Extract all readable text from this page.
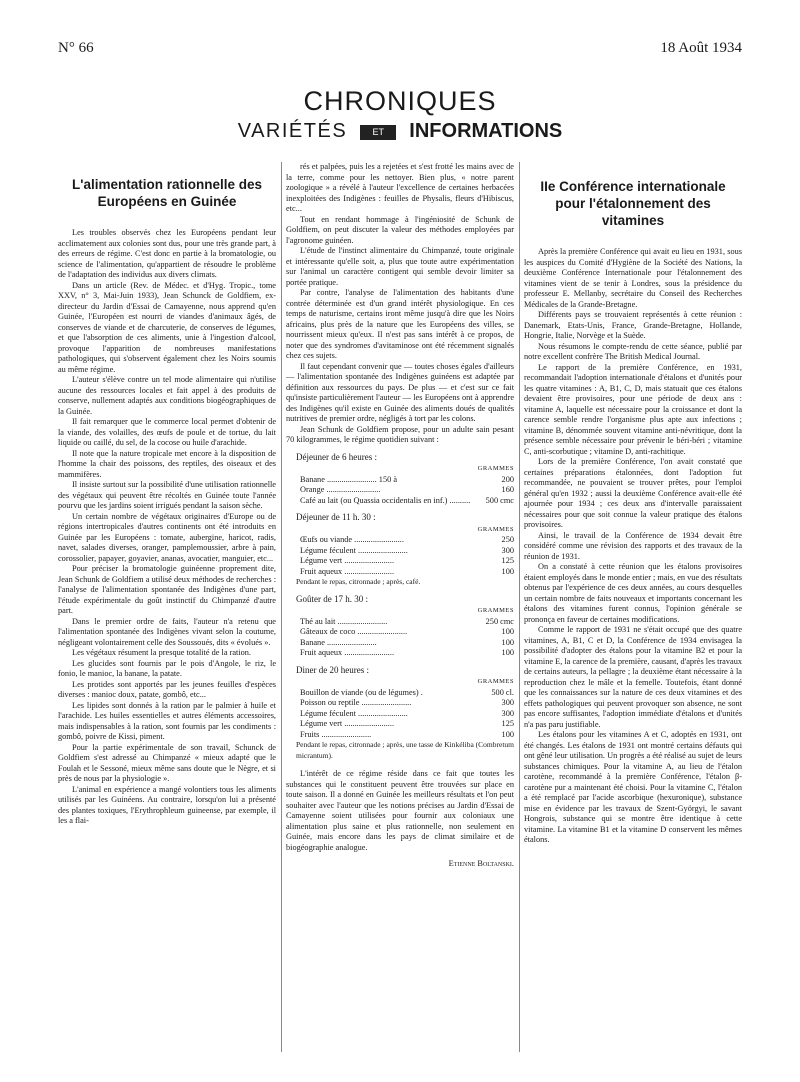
N° 66	18 Août 1934
CHRONIQUES
VARIÉTÉS	ET INFORMATIONS
L'alimentation rationnelle des Européens en Guinée

Les troubles observés chez les Européens pendant leur acclimatement aux colonies sont dus, pour une très grande part, à des erreurs de régime. C'est donc en partie à la bromatologie, ou science de l'alimentation, qu'appartient de résoudre le problème de l'adaptation des individus aux divers climats.

Dans un article (Rev. de Médec. et d'Hyg. Tropic., tome XXV, n° 3, Mai-Juin 1933), Jean Schunck de Goldfiem, ex-directeur du Jardin d'Essai de Camayenne, nous apprend qu'en Guinée, l'Européen est nourri de viandes d'animaux âgés, de conserves de viande et de charcuterie, de conserves de légumes, et que l'absorption de ces aliments, unie à l'ingestion d'alcool, provoque l'apparition de nombreuses manifestations pathologiques, qui s'observent également chez les Noirs soumis au même régime.

L'auteur s'élève contre un tel mode alimentaire qui n'utilise aucune des ressources locales et fait appel à des produits de conserve, nullement adaptés aux conditions biogéographiques de la Guinée.

Il fait remarquer que le commerce local permet d'obtenir de la viande, des volailles, des œufs de poule et de tortue, du lait liquide ou caillé, du sel, de la cocose ou huile d'arachide.

Il note que la nature tropicale met encore à la disposition de l'homme la chair des poissons, des reptiles, des oiseaux et des mammifères.

Il insiste surtout sur la possibilité d'une utilisation rationnelle des végétaux qui peuvent être récoltés en Guinée toute l'année pourvu que les jardins soient irrigués pendant la saison sèche.

Un certain nombre de végétaux originaires d'Europe ou de régions intertropicales d'autres continents ont été introduits en Guinée par les Européens : tomate, aubergine, haricot, radis, navet, salades diverses, oranger, pamplemoussier, arbre à pain, corossolier, papayer, goyavier, ananas, avocatier, manguier, etc...

Pour préciser la bromatologie guinéenne proprement dite, Jean Schunk de Goldfiem a utilisé deux méthodes de recherches : l'analyse de l'alimentation spontanée des Indigènes d'une part, l'étude expérimentale du goût instinctif du Chimpanzé d'autre part.

Dans le premier ordre de faits, l'auteur n'a retenu que l'alimentation spontanée des Indigènes vivant selon la coutume, négligeant volontairement celle des Soussoués, dits « évolués ».

Les végétaux résument la presque totalité de la ration.

Les glucides sont fournis par le pois d'Angole, le riz, le fonio, le manioc, la banane, la patate.

Les protides sont apportés par les jeunes feuilles d'espèces diverses : manioc doux, patate, gombô, etc...

Les lipides sont donnés à la ration par le palmier à huile et l'arachide. Les huiles essentielles et autres éléments accessoires, mais indispensables à la ration, sont fournis par les condiments : gombô, poivre de Kissi, piment.

Pour la partie expérimentale de son travail, Schunck de Goldfiem s'est adressé au Chimpanzé « mieux adapté que le Foulah et le Sessoné, mieux même sans doute que le Nègre, et si près de nous par la physiologie ».

L'animal en expérience a mangé volontiers tous les aliments utilisés par les Guinéens. Au contraire, lorsqu'on lui a présenté des plantes toxiques, l'Erythrophleum guineense, par exemple, il les a flai-

rés et palpées, puis les a rejetées et s'est frotté les mains avec de la terre, comme pour les nettoyer. Bien plus, « notre parent zoologique » a révélé à l'auteur l'excellence de certaines herbacées inexploitées des Indigènes : feuilles de Physalis, fleurs d'Hibiscus, etc...

Tout en rendant hommage à l'ingéniosité de Schunk de Goldfiem, on peut discuter la valeur des méthodes employées par l'agronome guinéen.

L'étude de l'instinct alimentaire du Chimpanzé, toute originale et intéressante qu'elle soit, a, plus que toute autre expérimentation sur l'animal un caractère contigent qui semble devoir limiter sa portée pratique.

Par contre, l'analyse de l'alimentation des habitants d'une contrée déterminée est d'un grand intérêt physiologique. En ces temps de naturisme, certains iront même jusqu'à dire que les Noirs africains, plus près de la nature que les Européens des villes, se nourrissent mieux qu'eux. Il n'est pas sans intérêt à ce propos, de noter que des syndromes d'avitaminose ont été récemment signalés chez ces sujets.

Il faut cependant convenir que — toutes choses égales d'ailleurs — l'alimentation spontanée des Indigènes guinéens est adaptée par définition aux ressources du pays. De plus — et c'est sur ce fait qu'insiste particulièrement l'auteur — les Européens ont à apprendre des Indigènes qu'il existe en Guinée des aliments doués de qualités nutritives de premier ordre, négligés à tort par les colons.

Jean Schunk de Goldfiem propose, pour un adulte sain pesant 70 kilogrammes, le régime quotidien suivant :

Déjeuner de 6 heures :
GRAMMES
Banane ........................ 150 à	200
Orange ..........................	160
Café au lait (ou Quassia occidentalis en inf.) .......... 500 cmc
Déjeuner de 11 h. 30 :
GRAMMES
Œufs ou viande ........................	250
Légume féculent ........................	300
Légume vert ........................	125
Fruit aqueux ........................	100
Pendant le repas, citronnade ; après, café.
Goûter de 17 h. 30 :
GRAMMES
Thé au lait ........................	250 cmc
Gâteaux de coco ........................	100
Banane ........................	100
Fruit aqueux ........................	100
Diner de 20 heures :
GRAMMES
Bouillon de viande (ou de légumes) .	500 cl.
Poisson ou reptile ........................	300
Légume féculent ........................	300
Légume vert ........................	125
Fruits ........................	100
Pendant le repas, citronnade ; après, une tasse de Kinkéliba (Combretum micrantum).

L'intérêt de ce régime réside dans ce fait que toutes les substances qui le constituent peuvent être trouvées sur place en toute saison. Il a donné en Guinée les meilleurs résultats et l'on peut souhaiter avec l'auteur que les notions précises au Jardin d'Essai de Camayenne soient utilisées pour fournir aux coloniaux une alimentation plus saine et plus rationnelle, non seulement en Guinée, mais encore dans les pays de climat similaire et de biogéographie analogue.

Etienne Boltanski.

IIe Conférence internationale pour l'étalonnement des vitamines

Après la première Conférence qui avait eu lieu en 1931, sous les auspices du Comité d'Hygiène de la Société des Nations, la deuxième Conférence Internationale pour l'étalonnement des vitamines vient de se tenir à Londres, sous la présidence du professeur E. Mellanby, secrétaire du Conseil des Recherches Médicales de la Grande-Bretagne.

Différents pays se trouvaient représentés à cette réunion : Danemark, Etats-Unis, France, Grande-Bretagne, Hollande, Hongrie, Italie, Norvège et la Suède.

Nous résumons le compte-rendu de cette séance, publié par notre excellent confrère The British Medical Journal.

Le rapport de la première Conférence, en 1931, recommandait l'adoption internationale d'étalons et d'unités pour les quatre vitamines : A, B1, C, D, mais statuait que ces étalons devaient être provisoires, pour une période de deux ans : vitamine A, laquelle est nécessaire pour la croissance et dont la carence semble rendre l'organisme plus apte aux infections ; vitamine B, dénommée souvent vitamine anti-névritique, dont la présence semble nécessaire pour prévenir le béri-béri ; vitamine C, anti-scorbutique ; vitamine D, anti-rachitique.

Lors de la première Conférence, l'on avait constaté que certaines préparations étalonnées, dont l'adoption fut recommandée, ne pouvaient se trouver prêtes, pour l'emploi général qu'en 1932 ; aussi la deuxième Conférence avait-elle été ajournée pour 1934 ; ces deux ans d'intervalle paraissaient nécessaires pour que soit connue la valeur pratique des étalons provisoires.

Ainsi, le travail de la Conférence de 1934 devait être considéré comme une révision des rapports et des travaux de la réunion de 1931.

On a constaté à cette réunion que les étalons provisoires étaient employés dans le monde entier ; mais, en vue des résultats obtenus par l'expérience de ces deux années, au cours desquelles un certain nombre de faits nouveaux et importants concernant les étalons des vitamines furent connus, l'opinion générale se prononça en faveur de certaines modifications.

Comme le rapport de 1931 ne s'était occupé que des quatre vitamines, A, B1, C et D, la Conférence de 1934 envisagea la possibilité d'adopter des étalons pour la vitamine B2 et pour la vitamine E, la carence de la première, causant, d'après les travaux de certains auteurs, la pellagre ; la deuxième étant nécessaire à la reproduction chez le mâle et la femelle. Toutefois, étant donné que les connaissances sur la nature de ces deux vitamines et des effets pathologiques qui peuvent provoquer son absence, ne sont pas encore suffisantes, l'adoption immédiate d'étalons et d'unités n'a pas paru justifiable.

Les étalons pour les vitamines A et C, adoptés en 1931, ont été changés. Les étalons de 1931 ont montré certains défauts qui ont gêné leur utilisation. Un progrès a été réalisé au sujet de leurs substances chimiques. Pour la vitamine A, au lieu de l'étalon carotène, recommandé à la première Conférence, l'étalon β-carotène pur a maintenant été choisi. Pour la vitamine C, l'étalon a été remplacé par l'acide ascorbique (hexuronique), substance mise en évidence par les travaux de Szent-Györgyi, le savant Hongrois, substance qui se montre être identique à cette vitamine. La vitamine B1 et la vitamine D conservent les mêmes étalons.
